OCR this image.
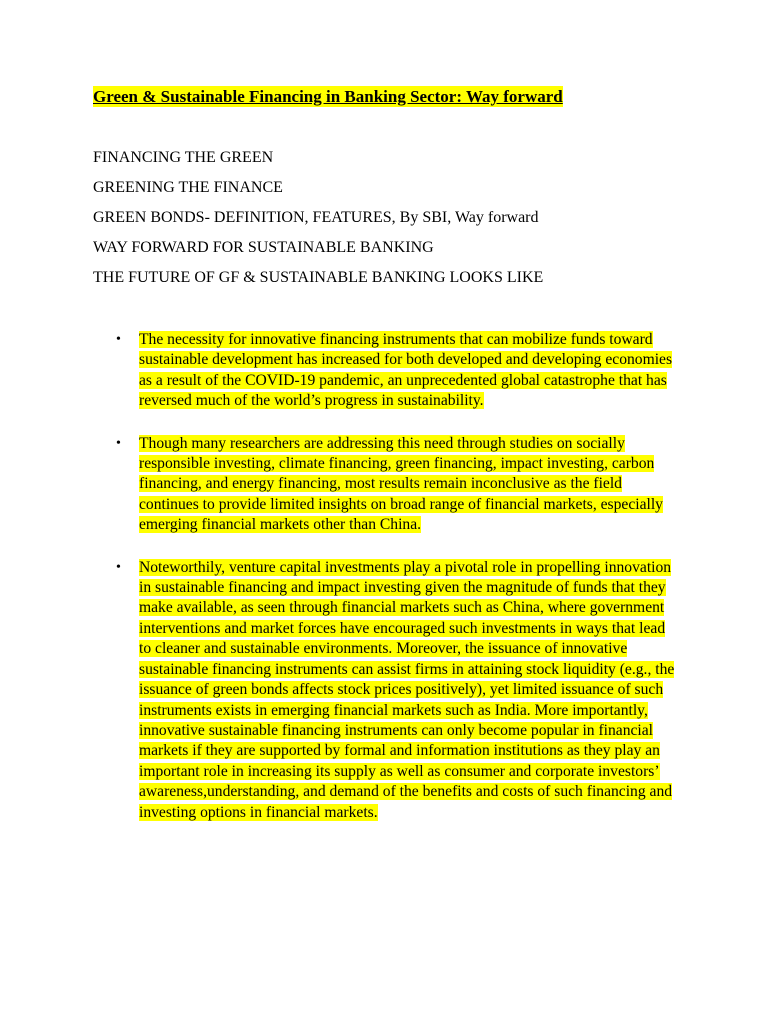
Green & Sustainable Financing in Banking Sector: Way forward
FINANCING THE GREEN
GREENING THE FINANCE
GREEN BONDS- DEFINITION, FEATURES, By SBI, Way forward
WAY FORWARD FOR SUSTAINABLE BANKING
THE FUTURE OF GF & SUSTAINABLE BANKING LOOKS LIKE
• The necessity for innovative financing instruments that can mobilize funds toward sustainable development has increased for both developed and developing economies as a result of the COVID-19 pandemic, an unprecedented global catastrophe that has reversed much of the world’s progress in sustainability.
• Though many researchers are addressing this need through studies on socially responsible investing, climate financing, green financing, impact investing, carbon financing, and energy financing, most results remain inconclusive as the field continues to provide limited insights on broad range of financial markets, especially emerging financial markets other than China.
• Noteworthily, venture capital investments play a pivotal role in propelling innovation in sustainable financing and impact investing given the magnitude of funds that they make available, as seen through financial markets such as China, where government interventions and market forces have encouraged such investments in ways that lead to cleaner and sustainable environments. Moreover, the issuance of innovative sustainable financing instruments can assist firms in attaining stock liquidity (e.g., the issuance of green bonds affects stock prices positively), yet limited issuance of such instruments exists in emerging financial markets such as India. More importantly, innovative sustainable financing instruments can only become popular in financial markets if they are supported by formal and information institutions as they play an important role in increasing its supply as well as consumer and corporate investors’ awareness,understanding, and demand of the benefits and costs of such financing and investing options in financial markets.
